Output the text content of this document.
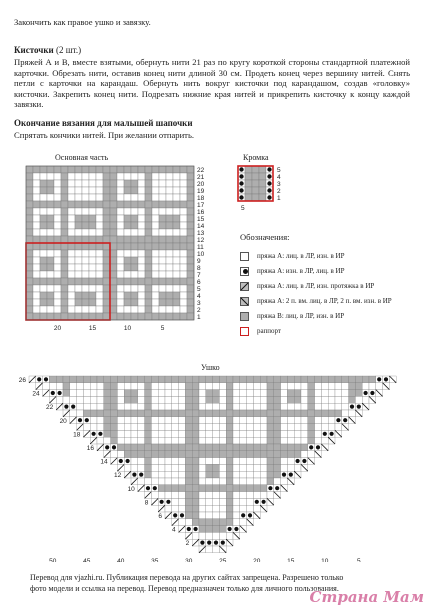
Закончить как правое ушко и завязку.

Кисточки (2 шт.)

Пряжей А и В, вместе взятыми, обернуть нити 21 раз по кругу короткой стороны стандартной платежной карточки. Обрезать нити, оставив конец нити длиной 30 см. Продеть конец через вершину нитей. Снять петли с карточки на карандаш. Обернуть нить вокруг кисточки под карандашом, создав «головку» кисточки. Закрепить конец нити. Подрезать нижние края нитей и прикрепить кисточку к концу каждой завязки.

Окончание вязания для малышей шапочки

Спрятать кончики нитей. При желании отпарить.

Основная часть

22
21
20
19
18
17
16
15
14
13
12
11
10
9
8
7
6
5
4
3
2
1
20	15	10	5

Кромка

5
4
3
2
1
5

Обозначения:

пряжа А: лиц. в ЛР, изн. в ИР
пряжа А: изн. в ЛР, лиц. в ИР
пряжа А: лиц. в ЛР, изн. протяжка в ИР
пряжа А: 2 п. вм. лиц. в ЛР, 2 п. вм. изн. в ИР
пряжа В: лиц. в ЛР, изн. в ИР
раппорт

Ушко

26
24
22
20
18
16
14
12
10
8
6
4
2
50	45	40	35	30	25	20	15	10	5

Перевод для vjazhi.ru. Публикация перевода на других сайтах запрещена. Разрешено только

фото модели и ссылка на перевод. Перевод предназначен только для личного пользования.

Страна Мам
